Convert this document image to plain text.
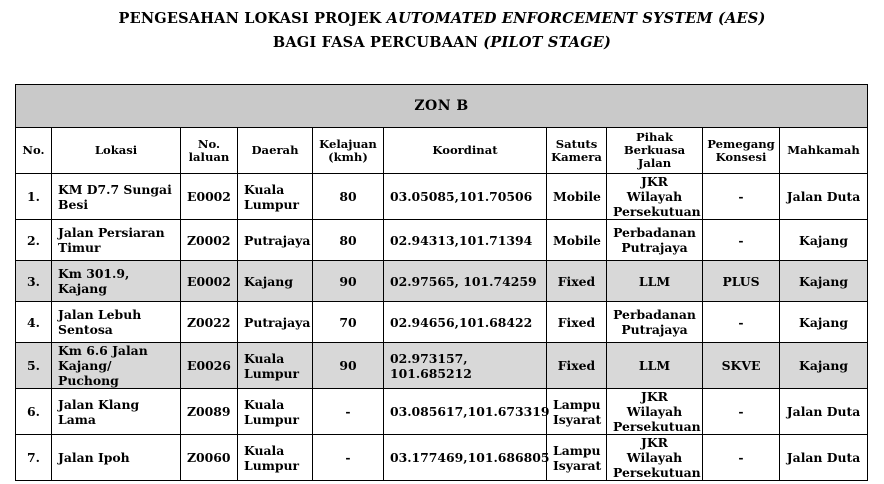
PENGESAHAN LOKASI PROJEK AUTOMATED ENFORCEMENT SYSTEM (AES)
BAGI FASA PERCUBAAN (PILOT STAGE)
ZON B									
No.	Lokasi	No. laluan	Daerah	Kelajuan (kmh)	Koordinat	Satuts Kamera	Pihak Berkuasa Jalan	Pemegang Konsesi	Mahkamah
1.	KM D7.7 Sungai Besi	E0002	Kuala Lumpur	80	03.05085,101.70506	Mobile	JKR Wilayah Persekutuan	-	Jalan Duta
2.	Jalan Persiaran Timur	Z0002	Putrajaya	80	02.94313,101.71394	Mobile	Perbadanan Putrajaya	-	Kajang
3.	Km 301.9, Kajang	E0002	Kajang	90	02.97565, 101.74259	Fixed	LLM	PLUS	Kajang
4.	Jalan Lebuh Sentosa	Z0022	Putrajaya	70	02.94656,101.68422	Fixed	Perbadanan Putrajaya	-	Kajang
5.	Km 6.6 Jalan Kajang/ Puchong	E0026	Kuala Lumpur	90	02.973157, 101.685212	Fixed	LLM	SKVE	Kajang
6.	Jalan Klang Lama	Z0089	Kuala Lumpur	-	03.085617,101.673319	Lampu Isyarat	JKR Wilayah Persekutuan	-	Jalan Duta
7.	Jalan Ipoh	Z0060	Kuala Lumpur	-	03.177469,101.686805	Lampu Isyarat	JKR Wilayah Persekutuan	-	Jalan Duta
